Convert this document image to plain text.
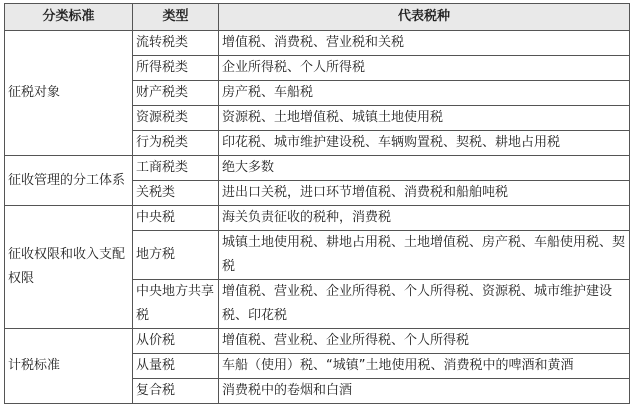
分类标准	类型	代表税种
征税对象	流转税类	增值税、消费税、营业税和关税
	所得税类	企业所得税、个人所得税
	财产税类	房产税、车船税
	资源税类	资源税、土地增值税、城镇土地使用税
	行为税类	印花税、城市维护建设税、车辆购置税、契税、耕地占用税
征收管理的分工体系	工商税类	绝大多数
	关税类	进出口关税，进口环节增值税、消费税和船舶吨税
征收权限和收入支配权限	中央税	海关负责征收的税种，消费税
	地方税	城镇土地使用税、耕地占用税、土地增值税、房产税、车船使用税、契税
	中央地方共享税	增值税、营业税、企业所得税、个人所得税、资源税、城市维护建设税、印花税
计税标准	从价税	增值税、营业税、企业所得税、个人所得税
	从量税	车船（使用）税、“城镇”土地使用税、消费税中的啤酒和黄酒
	复合税	消费税中的卷烟和白酒
